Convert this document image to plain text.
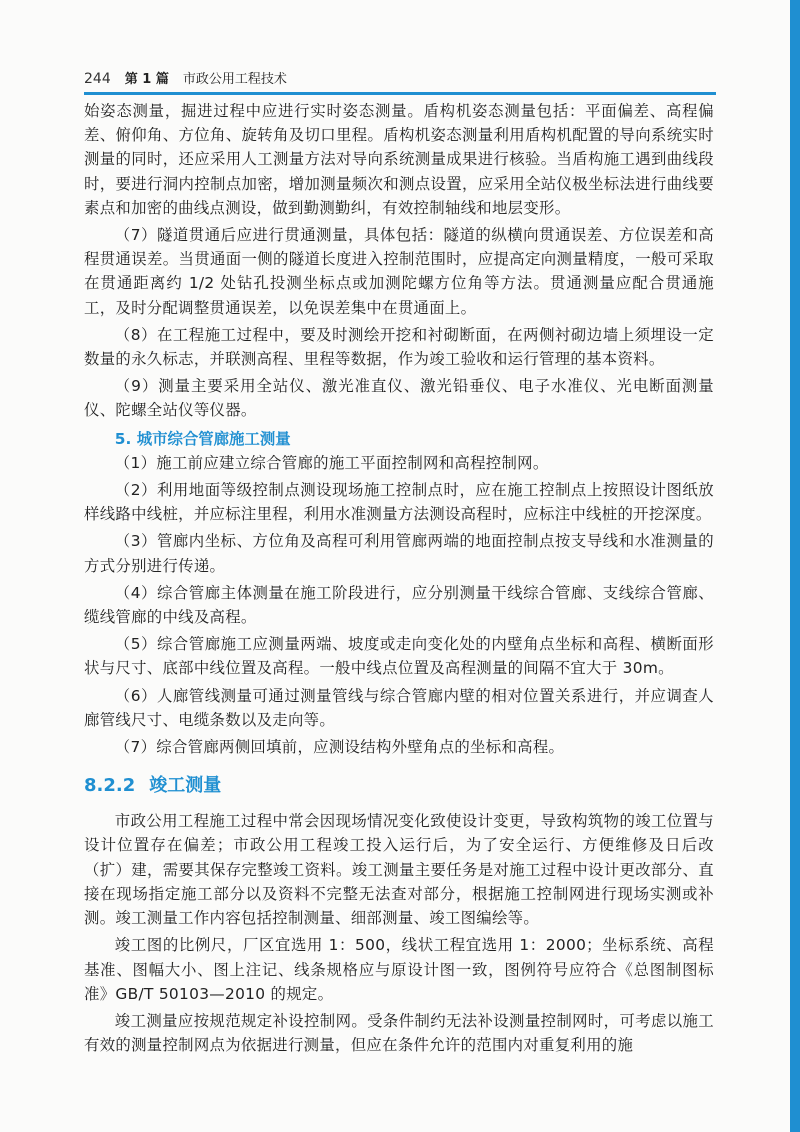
244 第 1 篇 市政公用工程技术

始姿态测量，掘进过程中应进行实时姿态测量。盾构机姿态测量包括：平面偏差、高程偏差、俯仰角、方位角、旋转角及切口里程。盾构机姿态测量利用盾构机配置的导向系统实时测量的同时，还应采用人工测量方法对导向系统测量成果进行核验。当盾构施工遇到曲线段时，要进行洞内控制点加密，增加测量频次和测点设置，应采用全站仪极坐标法进行曲线要素点和加密的曲线点测设，做到勤测勤纠，有效控制轴线和地层变形。

（7）隧道贯通后应进行贯通测量，具体包括：隧道的纵横向贯通误差、方位误差和高程贯通误差。当贯通面一侧的隧道长度进入控制范围时，应提高定向测量精度，一般可采取在贯通距离约 1/2 处钻孔投测坐标点或加测陀螺方位角等方法。贯通测量应配合贯通施工，及时分配调整贯通误差，以免误差集中在贯通面上。

（8）在工程施工过程中，要及时测绘开挖和衬砌断面，在两侧衬砌边墙上须埋设一定数量的永久标志，并联测高程、里程等数据，作为竣工验收和运行管理的基本资料。

（9）测量主要采用全站仪、激光准直仪、激光铅垂仪、电子水准仪、光电断面测量仪、陀螺全站仪等仪器。

5. 城市综合管廊施工测量

（1）施工前应建立综合管廊的施工平面控制网和高程控制网。

（2）利用地面等级控制点测设现场施工控制点时，应在施工控制点上按照设计图纸放样线路中线桩，并应标注里程，利用水准测量方法测设高程时，应标注中线桩的开挖深度。

（3）管廊内坐标、方位角及高程可利用管廊两端的地面控制点按支导线和水准测量的方式分别进行传递。

（4）综合管廊主体测量在施工阶段进行，应分别测量干线综合管廊、支线综合管廊、缆线管廊的中线及高程。

（5）综合管廊施工应测量两端、坡度或走向变化处的内壁角点坐标和高程、横断面形状与尺寸、底部中线位置及高程。一般中线点位置及高程测量的间隔不宜大于 30m。

（6）人廊管线测量可通过测量管线与综合管廊内壁的相对位置关系进行，并应调查人廊管线尺寸、电缆条数以及走向等。

（7）综合管廊两侧回填前，应测设结构外壁角点的坐标和高程。

8.2.2 竣工测量

市政公用工程施工过程中常会因现场情况变化致使设计变更，导致构筑物的竣工位置与设计位置存在偏差；市政公用工程竣工投入运行后，为了安全运行、方便维修及日后改（扩）建，需要其保存完整竣工资料。竣工测量主要任务是对施工过程中设计更改部分、直接在现场指定施工部分以及资料不完整无法查对部分，根据施工控制网进行现场实测或补测。竣工测量工作内容包括控制测量、细部测量、竣工图编绘等。

竣工图的比例尺，厂区宜选用 1：500，线状工程宜选用 1：2000；坐标系统、高程基准、图幅大小、图上注记、线条规格应与原设计图一致，图例符号应符合《总图制图标准》GB/T 50103—2010 的规定。

竣工测量应按规范规定补设控制网。受条件制约无法补设测量控制网时，可考虑以施工有效的测量控制网点为依据进行测量，但应在条件允许的范围内对重复利用的施
